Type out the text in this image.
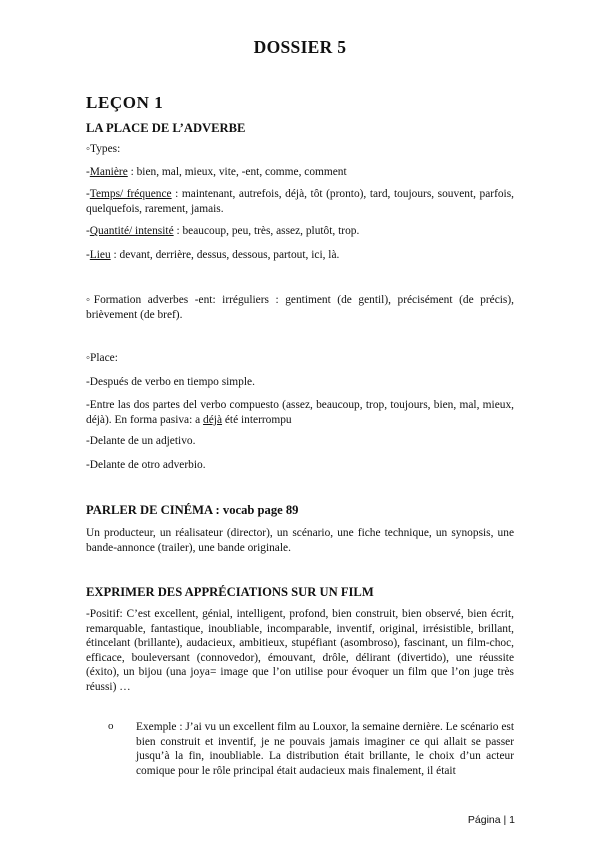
DOSSIER 5
LEÇON 1
LA PLACE DE L’ADVERBE
◦Types:
-Manière : bien, mal, mieux, vite, -ent, comme, comment
-Temps/ fréquence : maintenant, autrefois, déjà, tôt (pronto), tard, toujours, souvent, parfois, quelquefois, rarement, jamais.
-Quantité/ intensité : beaucoup, peu, très, assez, plutôt, trop.
-Lieu : devant, derrière, dessus, dessous, partout, ici, là.
◦Formation adverbes -ent: irréguliers : gentiment (de gentil), précisément (de précis), brièvement (de bref).
◦Place:
-Después de verbo en tiempo simple.
-Entre las dos partes del verbo compuesto (assez, beaucoup, trop, toujours, bien, mal, mieux, déjà). En forma pasiva: a déjà été interrompu
-Delante de un adjetivo.
-Delante de otro adverbio.
PARLER DE CINÉMA : vocab page 89
Un producteur, un réalisateur (director), un scénario, une fiche technique, un synopsis, une bande-annonce (trailer), une bande originale.
EXPRIMER DES APPRÉCIATIONS SUR UN FILM
-Positif: C’est excellent, génial, intelligent, profond, bien construit, bien observé, bien écrit, remarquable, fantastique, inoubliable, incomparable, inventif, original, irrésistible, brillant, étincelant (brillante), audacieux, ambitieux, stupéfiant (asombroso), fascinant, un film-choc, efficace, bouleversant (connovedor), émouvant, drôle, délirant (divertido), une réussite (éxito), un bijou (una joya= image que l’on utilise pour évoquer un film que l’on juge très réussi) …
o Exemple : J’ai vu un excellent film au Louxor, la semaine dernière. Le scénario est bien construit et inventif, je ne pouvais jamais imaginer ce qui allait se passer jusqu’à la fin, inoubliable. La distribution était brillante, le choix d’un acteur comique pour le rôle principal était audacieux mais finalement, il était
Página | 1
